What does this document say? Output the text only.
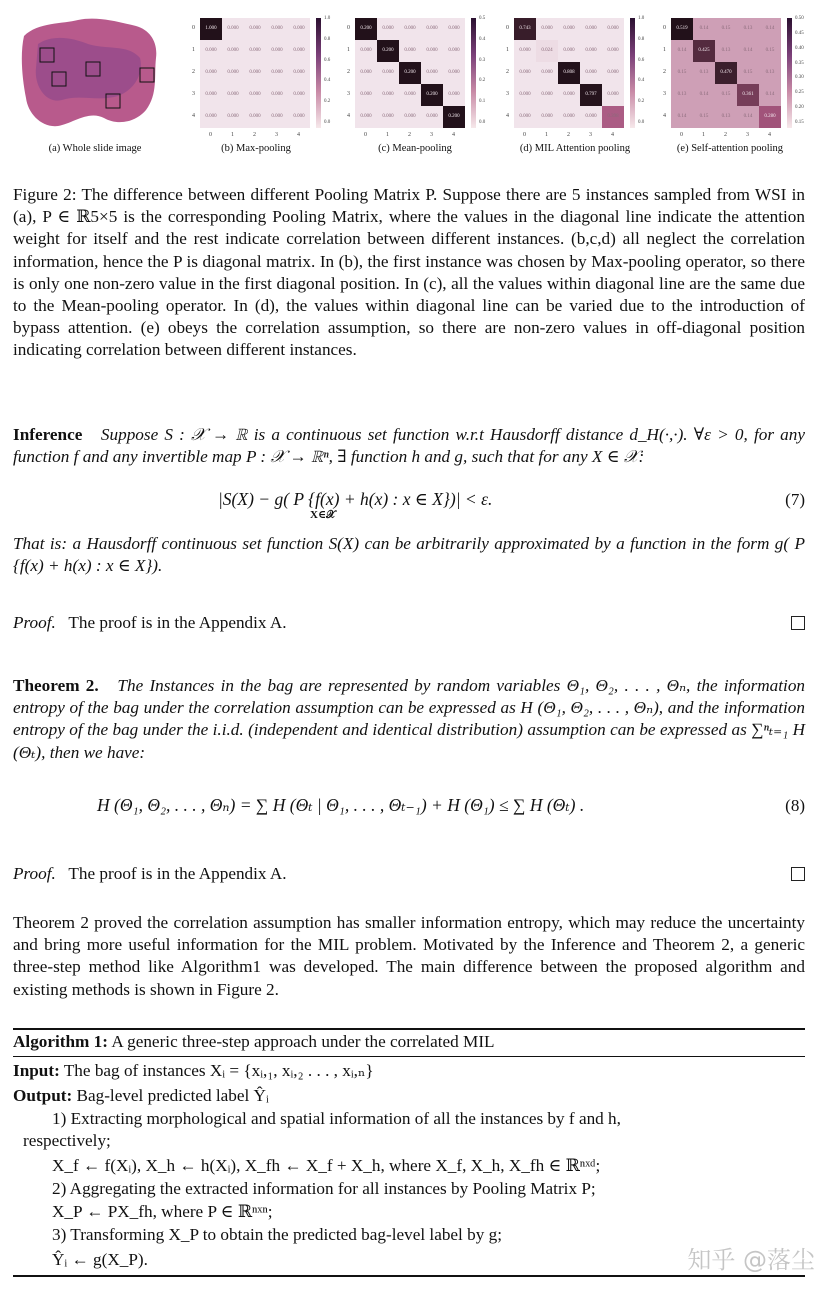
(a) Whole slide image
1.000	0.000	0.000	0.000	0.000
0.000	0.000	0.000	0.000	0.000
0.000	0.000	0.000	0.000	0.000
0.000	0.000	0.000	0.000	0.000
0.000	0.000	0.000	0.000	0.000
0
0
1
1
2
2
3
3
4
4
1.0
0.8
0.6
0.4
0.2
0.0
0.200	0.000	0.000	0.000	0.000
0.000	0.200	0.000	0.000	0.000
0.000	0.000	0.200	0.000	0.000
0.000	0.000	0.000	0.200	0.000
0.000	0.000	0.000	0.000	0.200
0
0
1
1
2
2
3
3
4
4
0.5
0.4
0.3
0.2
0.1
0.0
0.743	0.000	0.000	0.000	0.000
0.000	0.024	0.000	0.000	0.000
0.000	0.000	0.808	0.000	0.000
0.000	0.000	0.000	0.797	0.000
0.000	0.000	0.000	0.000	0.398
0
0
1
1
2
2
3
3
4
4
1.0
0.8
0.6
0.4
0.2
0.0
0.519	0.14	0.15	0.13	0.14
0.14	0.425	0.13	0.14	0.15
0.15	0.13	0.470	0.15	0.13
0.13	0.14	0.15	0.361	0.14
0.14	0.15	0.13	0.14	0.280
0
0
1
1
2
2
3
3
4
4
0.50
0.45
0.40
0.35
0.30
0.25
0.20
0.15
(b) Max-pooling	(c) Mean-pooling	(d) MIL Attention pooling	(e) Self-attention pooling
Figure 2: The difference between different Pooling Matrix P. Suppose there are 5 instances sampled from WSI in (a), P ∈ ℝ5×5 is the corresponding Pooling Matrix, where the values in the diagonal line indicate the attention weight for itself and the rest indicate correlation between different instances. (b,c,d) all neglect the correlation information, hence the P is diagonal matrix. In (b), the first instance was chosen by Max-pooling operator, so there is only one non-zero value in the first diagonal position. In (c), all the values within diagonal line are the same due to the Mean-pooling operator. In (d), the values within diagonal line can be varied due to the introduction of bypass attention. (e) obeys the correlation assumption, so there are non-zero values in off-diagonal position indicating correlation between different instances.
Inference Suppose S : 𝒳 → ℝ is a continuous set function w.r.t Hausdorff distance d_H(·,·). ∀ε > 0, for any function f and any invertible map P : 𝒳 → ℝⁿ, ∃ function h and g, such that for any X ∈ 𝒳:
|S(X) − g( P {f(x) + h(x) : x ∈ X})| < ε.
X∈𝒳
(7)
That is: a Hausdorff continuous set function S(X) can be arbitrarily approximated by a function in the form g( P {f(x) + h(x) : x ∈ X}).
Proof. The proof is in the Appendix A.
Theorem 2. The Instances in the bag are represented by random variables Θ₁, Θ₂, . . . , Θₙ, the information entropy of the bag under the correlation assumption can be expressed as H (Θ₁, Θ₂, . . . , Θₙ), and the information entropy of the bag under the i.i.d. (independent and identical distribution) assumption can be expressed as ∑ⁿₜ₌₁ H (Θₜ), then we have:
H (Θ₁, Θ₂, . . . , Θₙ) = ∑ H (Θₜ | Θ₁, . . . , Θₜ₋₁) + H (Θ₁) ≤ ∑ H (Θₜ) .	(8)
Proof. The proof is in the Appendix A.
Theorem 2 proved the correlation assumption has smaller information entropy, which may reduce the uncertainty and bring more useful information for the MIL problem. Motivated by the Inference and Theorem 2, a generic three-step method like Algorithm1 was developed. The main difference between the proposed algorithm and existing methods is shown in Figure 2.
Algorithm 1: A generic three-step approach under the correlated MIL
Input: The bag of instances Xᵢ = {xᵢ,₁, xᵢ,₂ . . . , xᵢ,ₙ}
Output: Bag-level predicted label Ŷᵢ
1) Extracting morphological and spatial information of all the instances by f and h,
respectively;
X_f ← f(Xᵢ), X_h ← h(Xᵢ), X_fh ← X_f + X_h, where X_f, X_h, X_fh ∈ ℝⁿˣᵈ;
2) Aggregating the extracted information for all instances by Pooling Matrix P;
X_P ← PX_fh, where P ∈ ℝⁿˣⁿ;
3) Transforming X_P to obtain the predicted bag-level label by g;
Ŷᵢ ← g(X_P).	知乎 @落尘
